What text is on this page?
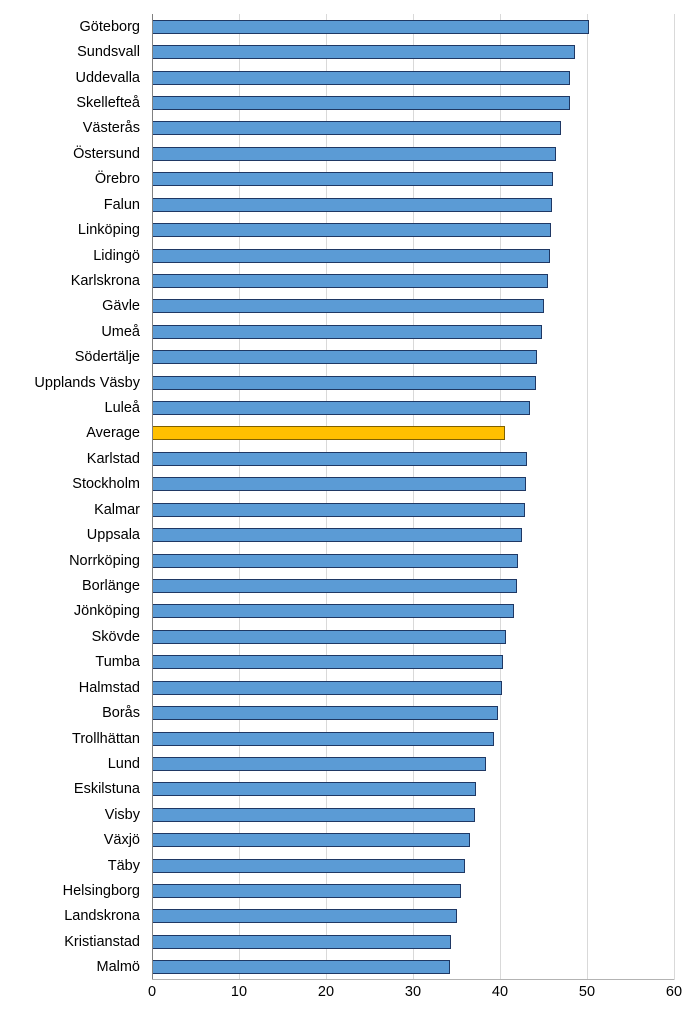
Göteborg
Sundsvall
Uddevalla
Skellefteå
Västerås
Östersund
Örebro
Falun
Linköping
Lidingö
Karlskrona
Gävle
Umeå
Södertälje
Upplands Väsby
Luleå
Average
Karlstad
Stockholm
Kalmar
Uppsala
Norrköping
Borlänge
Jönköping
Skövde
Tumba
Halmstad
Borås
Trollhättan
Lund
Eskilstuna
Visby
Växjö
Täby
Helsingborg
Landskrona
Kristianstad
Malmö
0	10	20	30	40	50	60
